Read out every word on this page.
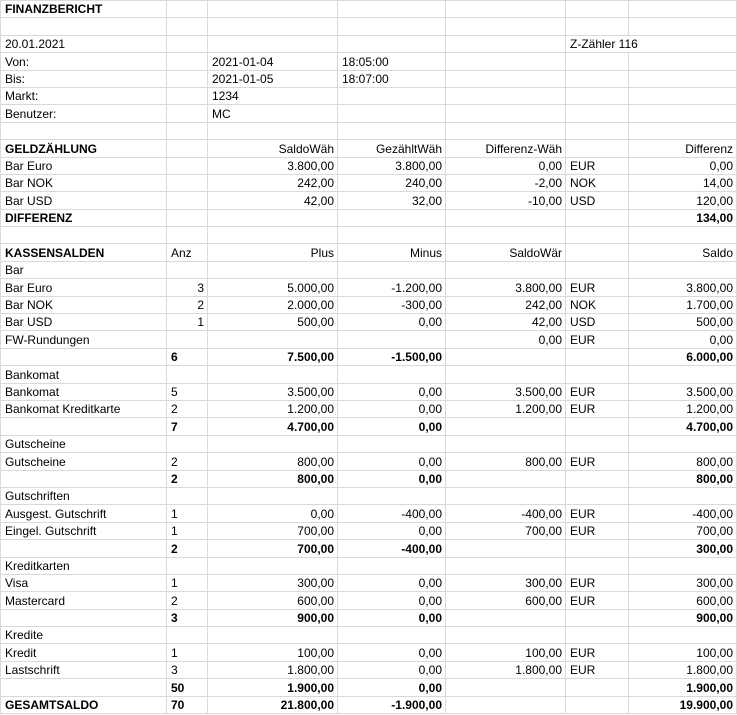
FINANZBERICHT						

20.01.2021					Z-Zähler 116	
Von:		2021-01-04	18:05:00			
Bis:		2021-01-05	18:07:00			
Markt:		1234				
Benutzer:		MC				

GELDZÄHLUNG		SaldoWäh	GezähltWäh	Differenz-Wäh		Differenz
Bar Euro		3.800,00	3.800,00	0,00	EUR	0,00
Bar NOK		242,00	240,00	-2,00	NOK	14,00
Bar USD		42,00	32,00	-10,00	USD	120,00
DIFFERENZ						134,00

KASSENSALDEN	Anz	Plus	Minus	SaldoWär		Saldo
Bar						
Bar Euro	3	5.000,00	-1.200,00	3.800,00	EUR	3.800,00
Bar NOK	2	2.000,00	-300,00	242,00	NOK	1.700,00
Bar USD	1	500,00	0,00	42,00	USD	500,00
FW-Rundungen				0,00	EUR	0,00
	6	7.500,00	-1.500,00			6.000,00
Bankomat						
Bankomat	5	3.500,00	0,00	3.500,00	EUR	3.500,00
Bankomat Kreditkarte	2	1.200,00	0,00	1.200,00	EUR	1.200,00
	7	4.700,00	0,00			4.700,00
Gutscheine						
Gutscheine	2	800,00	0,00	800,00	EUR	800,00
	2	800,00	0,00			800,00
Gutschriften						
Ausgest. Gutschrift	1	0,00	-400,00	-400,00	EUR	-400,00
Eingel. Gutschrift	1	700,00	0,00	700,00	EUR	700,00
	2	700,00	-400,00			300,00
Kreditkarten						
Visa	1	300,00	0,00	300,00	EUR	300,00
Mastercard	2	600,00	0,00	600,00	EUR	600,00
	3	900,00	0,00			900,00
Kredite						
Kredit	1	100,00	0,00	100,00	EUR	100,00
Lastschrift	3	1.800,00	0,00	1.800,00	EUR	1.800,00
	50	1.900,00	0,00			1.900,00
GESAMTSALDO	70	21.800,00	-1.900,00			19.900,00
